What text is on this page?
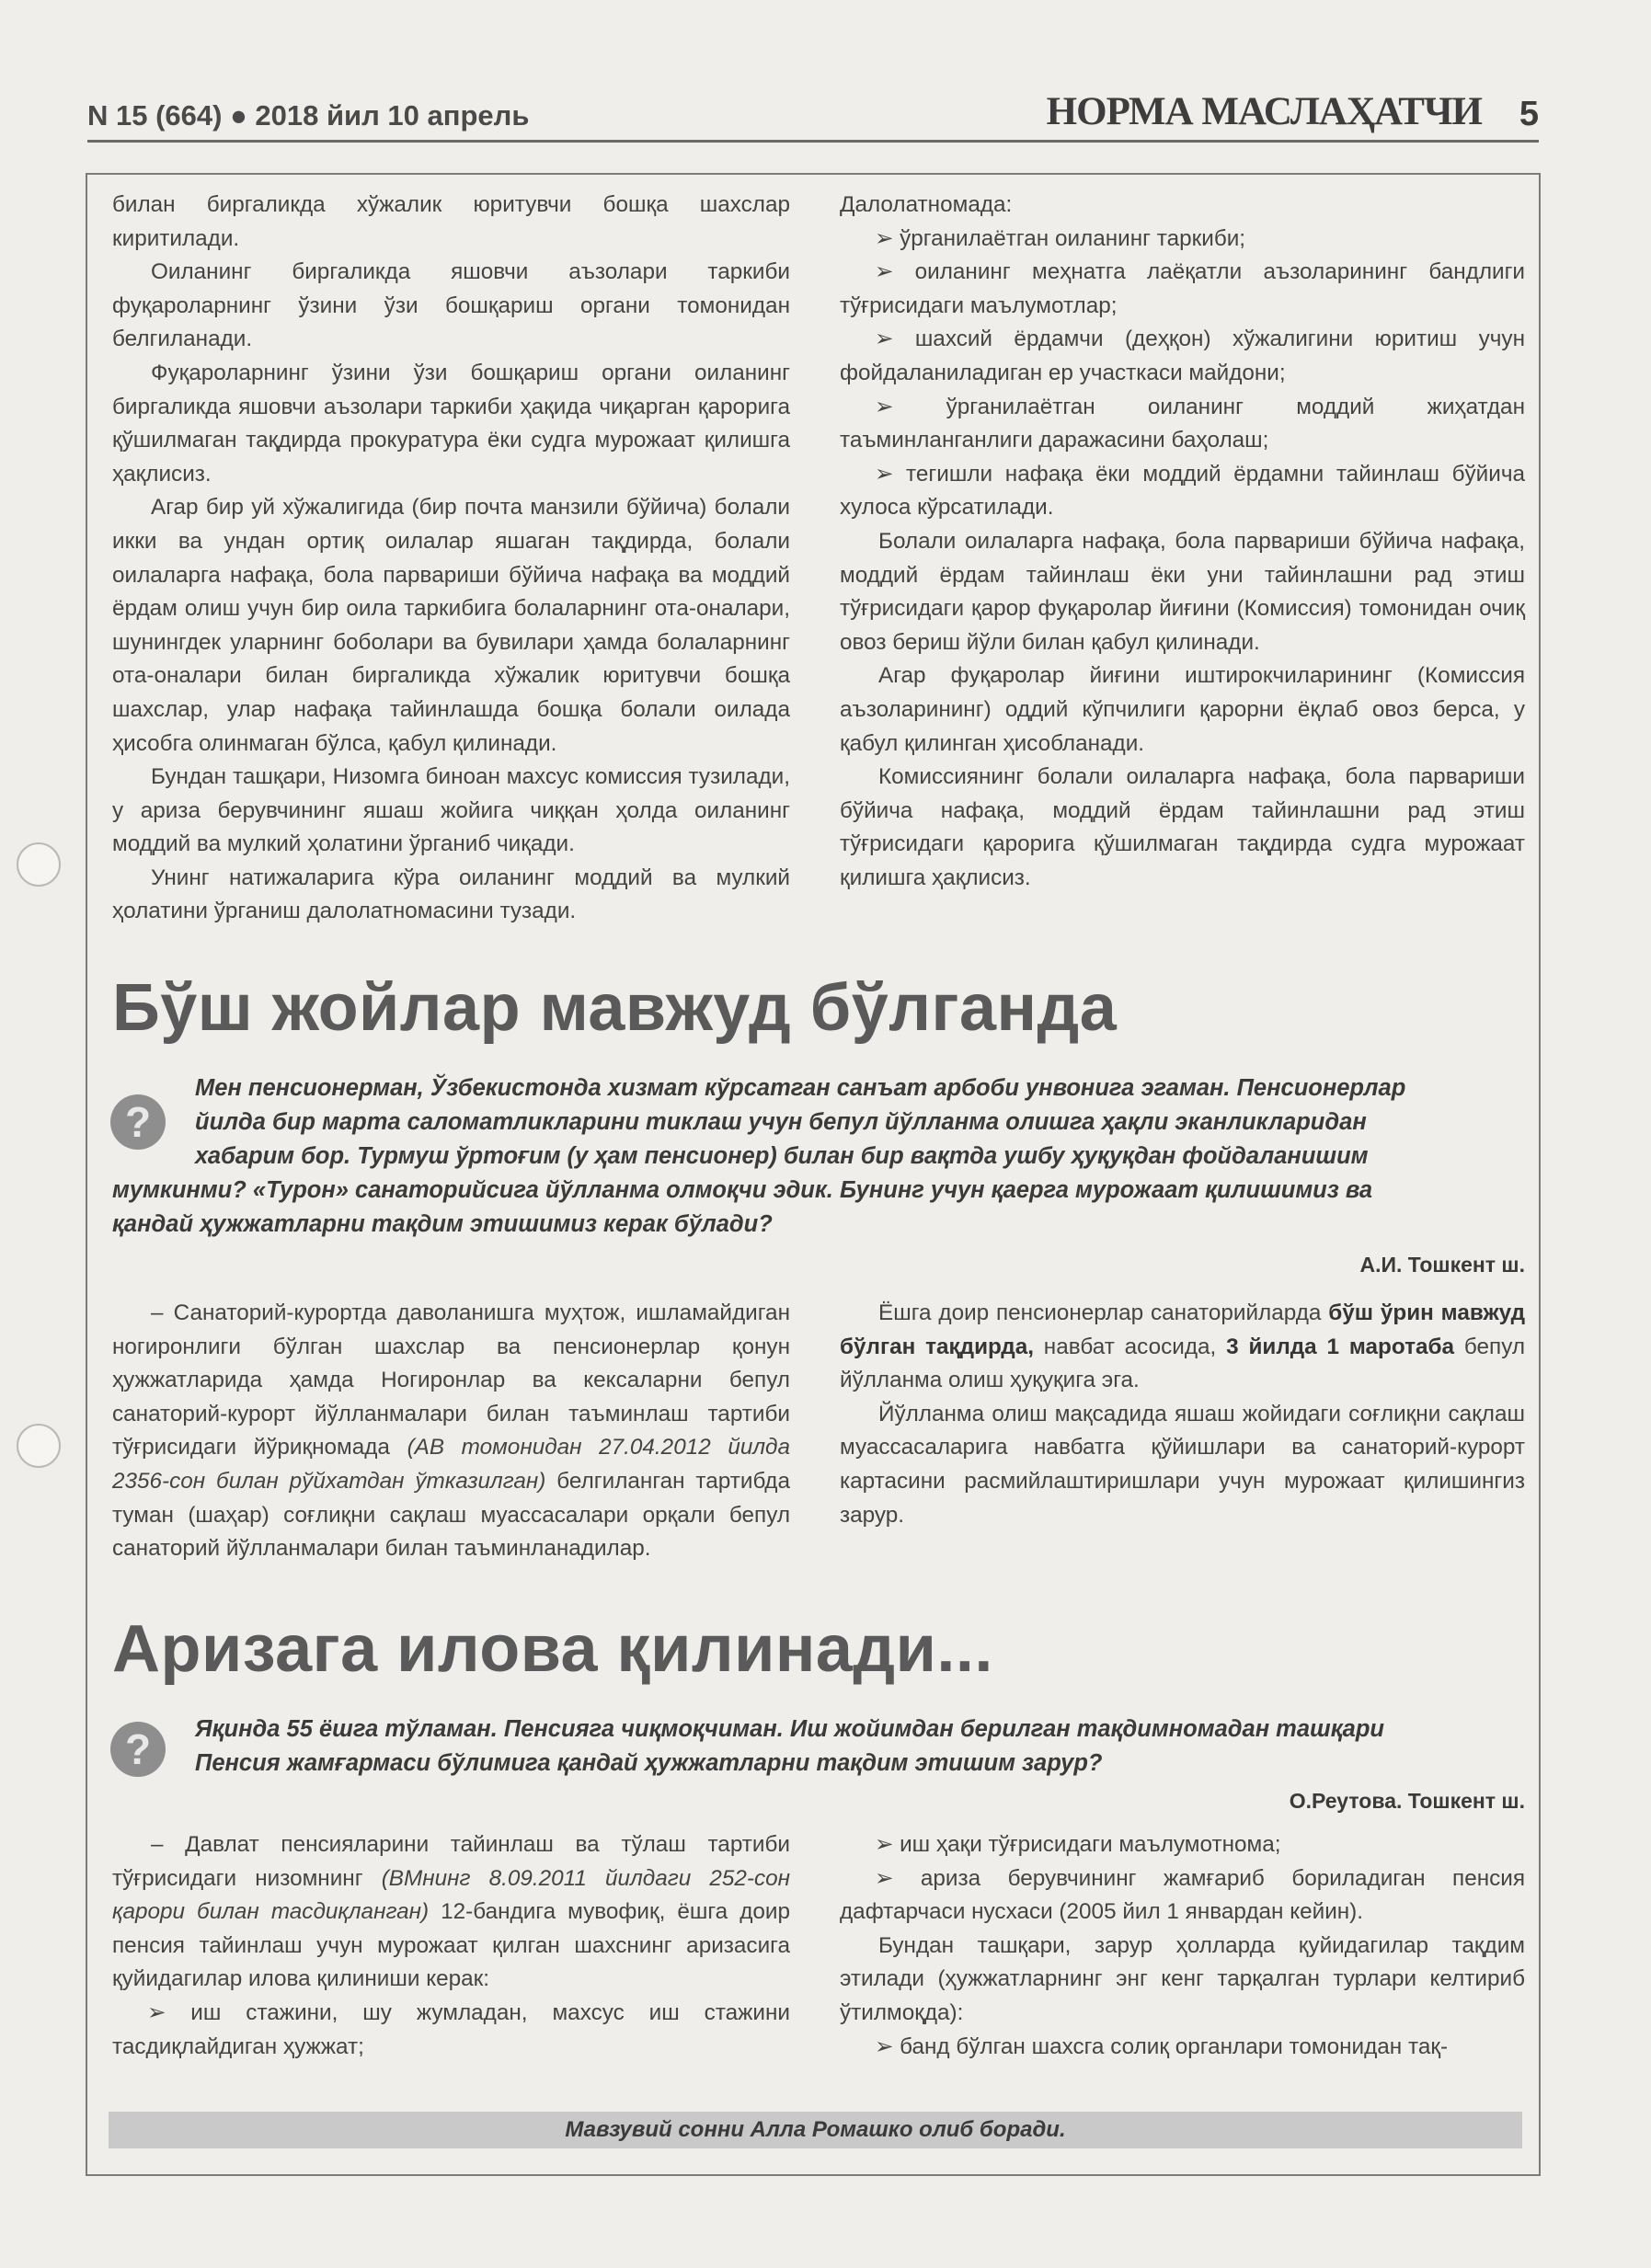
N 15 (664) ● 2018 йил 10 апрель	НОРМА МАСЛАҲАТЧИ 5

билан биргаликда хўжалик юритувчи бошқа шахслар киритилади.

Оиланинг биргаликда яшовчи аъзолари таркиби фуқароларнинг ўзини ўзи бошқариш органи томонидан белгиланади.

Фуқароларнинг ўзини ўзи бошқариш органи оиланинг биргаликда яшовчи аъзолари таркиби ҳақида чиқарган қарорига қўшилмаган тақдирда прокуратура ёки судга мурожаат қилишга ҳақлисиз.

Агар бир уй хўжалигида (бир почта манзили бўйича) болали икки ва ундан ортиқ оилалар яшаган тақдирда, болали оилаларга нафақа, бола парвариши бўйича нафақа ва моддий ёрдам олиш учун бир оила таркибига болаларнинг ота-оналари, шунингдек уларнинг боболари ва бувилари ҳамда болаларнинг ота-оналари билан биргаликда хўжалик юритувчи бошқа шахслар, улар нафақа тайинлашда бошқа болали оилада ҳисобга олинмаган бўлса, қабул қилинади.

Бундан ташқари, Низомга биноан махсус комиссия тузилади, у ариза берувчининг яшаш жойига чиққан ҳолда оиланинг моддий ва мулкий ҳолатини ўрганиб чиқади.

Унинг натижаларига кўра оиланинг моддий ва мулкий ҳолатини ўрганиш далолатномасини тузади.

Далолатномада:

➢ ўрганилаётган оиланинг таркиби;

➢ оиланинг меҳнатга лаёқатли аъзоларининг бандлиги тўғрисидаги маълумотлар;

➢ шахсий ёрдамчи (деҳқон) хўжалигини юритиш учун фойдаланиладиган ер участкаси майдони;

➢ ўрганилаётган оиланинг моддий жиҳатдан таъминланганлиги даражасини баҳолаш;

➢ тегишли нафақа ёки моддий ёрдамни тайинлаш бўйича хулоса кўрсатилади.

Болали оилаларга нафақа, бола парвариши бўйича нафақа, моддий ёрдам тайинлаш ёки уни тайинлашни рад этиш тўғрисидаги қарор фуқаролар йиғини (Комиссия) томонидан очиқ овоз бериш йўли билан қабул қилинади.

Агар фуқаролар йиғини иштирокчиларининг (Комиссия аъзоларининг) оддий кўпчилиги қарорни ёқлаб овоз берса, у қабул қилинган ҳисобланади.

Комиссиянинг болали оилаларга нафақа, бола парвариши бўйича нафақа, моддий ёрдам тайинлашни рад этиш тўғрисидаги қарорига қўшилмаган тақдирда судга мурожаат қилишга ҳақлисиз.

Бўш жойлар мавжуд бўлганда
?
Мен пенсионерман, Ўзбекистонда хизмат кўрсатган санъат арбоби унвонига эгаман. Пенсионерлар
йилда бир марта саломатликларини тиклаш учун бепул йўлланма олишга ҳақли эканликларидан
хабарим бор. Турмуш ўртоғим (у ҳам пенсионер) билан бир вақтда ушбу ҳуқуқдан фойдаланишим
мумкинми? «Турон» санаторийсига йўлланма олмоқчи эдик. Бунинг учун қаерга мурожаат қилишимиз ва
қандай ҳужжатларни тақдим этишимиз керак бўлади?
А.И. Тошкент ш.

– Санаторий-курортда даволанишга муҳтож, ишламайдиган ногиронлиги бўлган шахслар ва пенсионерлар қонун ҳужжатларида ҳамда Ногиронлар ва кексаларни бепул санаторий-курорт йўлланмалари билан таъминлаш тартиби тўғрисидаги йўриқномада (АВ томонидан 27.04.2012 йилда 2356-сон билан рўйхатдан ўтказилган) белгиланган тартибда туман (шаҳар) соғлиқни сақлаш муассасалари орқали бепул санаторий йўлланмалари билан таъминланадилар.

Ёшга доир пенсионерлар санаторийларда бўш ўрин мавжуд бўлган тақдирда, навбат асосида, 3 йилда 1 маротаба бепул йўлланма олиш ҳуқуқига эга.

Йўлланма олиш мақсадида яшаш жойидаги соғлиқни сақлаш муассасаларига навбатга қўйишлари ва санаторий-курорт картасини расмийлаштиришлари учун мурожаат қилишингиз зарур.

Аризага илова қилинади...
?	Яқинда 55 ёшга тўламан. Пенсияга чиқмоқчиман. Иш жойимдан берилган тақдимномадан ташқари
Пенсия жамғармаси бўлимига қандай ҳужжатларни тақдим этишим зарур?
О.Реутова. Тошкент ш.

– Давлат пенсияларини тайинлаш ва тўлаш тартиби тўғрисидаги низомнинг (ВМнинг 8.09.2011 йилдаги 252-сон қарори билан тасдиқланган) 12-бандига мувофиқ, ёшга доир пенсия тайинлаш учун мурожаат қилган шахснинг аризасига қуйидагилар илова қилиниши керак:

➢ иш стажини, шу жумладан, махсус иш стажини тасдиқлайдиган ҳужжат;

➢ иш ҳақи тўғрисидаги маълумотнома;

➢ ариза берувчининг жамғариб бориладиган пенсия дафтарчаси нусхаси (2005 йил 1 январдан кейин).

Бундан ташқари, зарур ҳолларда қуйидагилар тақдим этилади (ҳужжатларнинг энг кенг тарқалган турлари келтириб ўтилмоқда):

➢ банд бўлган шахсга солиқ органлари томонидан тақ-

Мавзувий сонни Алла Ромашко олиб боради.
